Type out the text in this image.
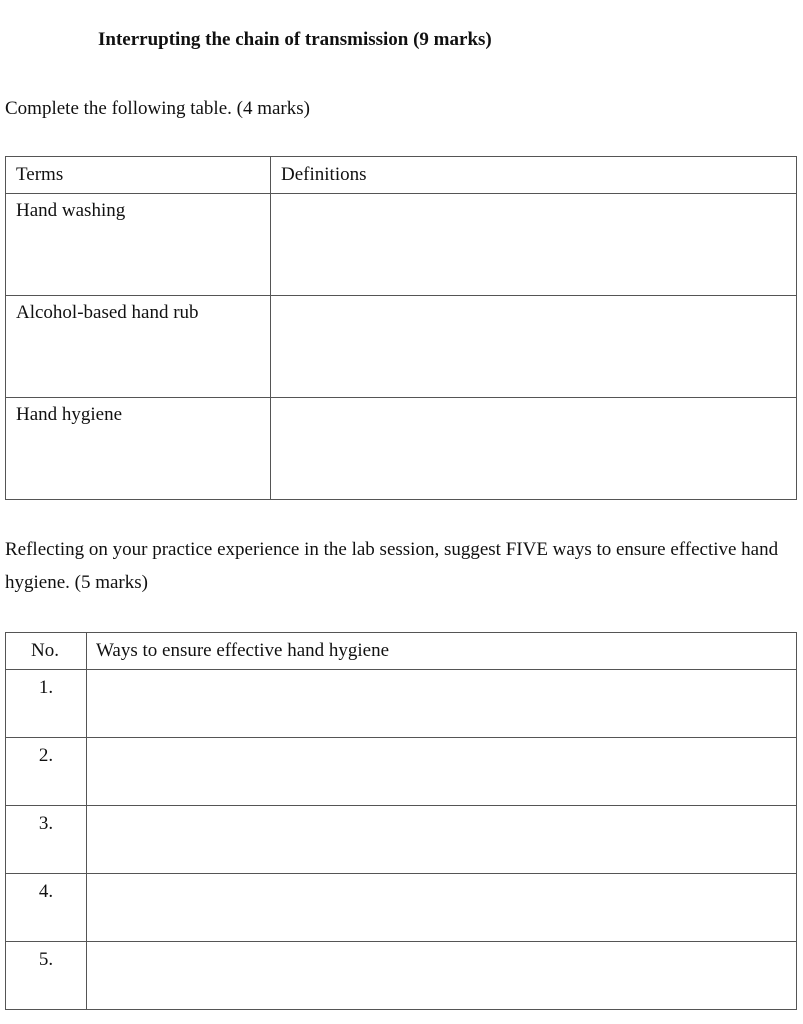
Interrupting the chain of transmission (9 marks)
Complete the following table. (4 marks)
Terms	Definitions
Hand washing	
Alcohol-based hand rub	
Hand hygiene	
Reflecting on your practice experience in the lab session, suggest FIVE ways to ensure effective hand hygiene. (5 marks)
No.	Ways to ensure effective hand hygiene
1.	
2.	
3.	
4.	
5.	
